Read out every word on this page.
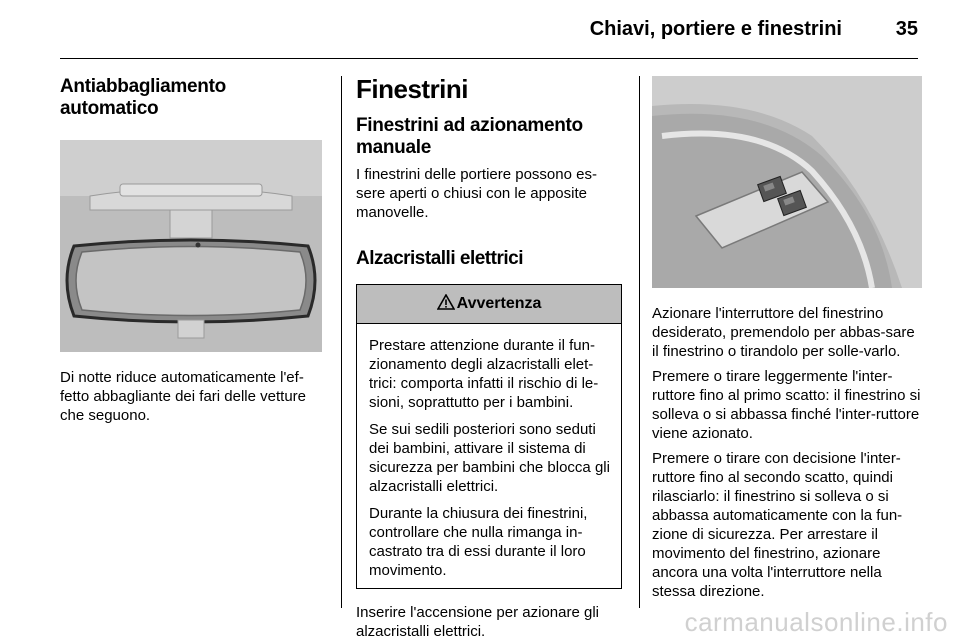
Chiavi, portiere e finestrini	35
Antiabbagliamento automatico

Di notte riduce automaticamente l'ef-fetto abbagliante dei fari delle vetture che seguono.

Finestrini
Finestrini ad azionamento manuale

I finestrini delle portiere possono es-sere aperti o chiusi con le apposite manovelle.

Alzacristalli elettrici
Avvertenza

Prestare attenzione durante il fun-zionamento degli alzacristalli elet-trici: comporta infatti il rischio di le-sioni, soprattutto per i bambini.

Se sui sedili posteriori sono seduti dei bambini, attivare il sistema di sicurezza per bambini che blocca gli alzacristalli elettrici.

Durante la chiusura dei finestrini, controllare che nulla rimanga in-castrato tra di essi durante il loro movimento.

Inserire l'accensione per azionare gli alzacristalli elettrici.

Azionare l'interruttore del finestrino desiderato, premendolo per abbas-sare il finestrino o tirandolo per solle-varlo.

Premere o tirare leggermente l'inter-ruttore fino al primo scatto: il finestrino si solleva o si abbassa finché l'inter-ruttore viene azionato.

Premere o tirare con decisione l'inter-ruttore fino al secondo scatto, quindi rilasciarlo: il finestrino si solleva o si abbassa automaticamente con la fun-zione di sicurezza. Per arrestare il movimento del finestrino, azionare ancora una volta l'interruttore nella stessa direzione.

carmanualsonline.info
